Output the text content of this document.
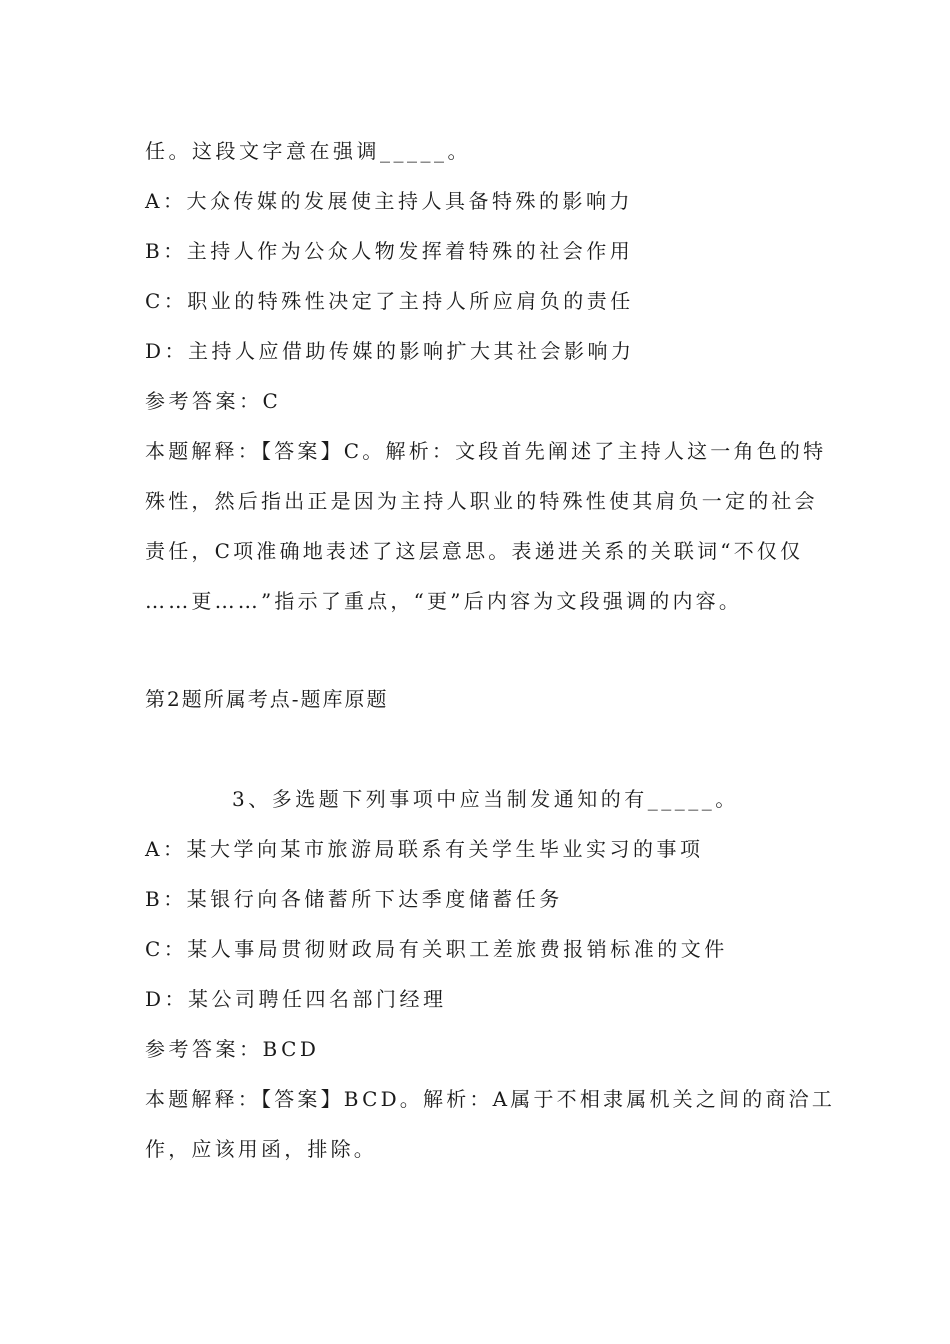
任。这段文字意在强调_____。
A：大众传媒的发展使主持人具备特殊的影响力
B：主持人作为公众人物发挥着特殊的社会作用
C：职业的特殊性决定了主持人所应肩负的责任
D：主持人应借助传媒的影响扩大其社会影响力
参考答案：C
本题解释：【答案】C。解析：文段首先阐述了主持人这一角色的特
殊性，然后指出正是因为主持人职业的特殊性使其肩负一定的社会
责任，C项准确地表述了这层意思。表递进关系的关联词“不仅仅
……更……”指示了重点，“更”后内容为文段强调的内容。
第2题所属考点-题库原题
3、多选题下列事项中应当制发通知的有_____。
A：某大学向某市旅游局联系有关学生毕业实习的事项
B：某银行向各储蓄所下达季度储蓄任务
C：某人事局贯彻财政局有关职工差旅费报销标准的文件
D：某公司聘任四名部门经理
参考答案：BCD
本题解释：【答案】BCD。解析：A属于不相隶属机关之间的商洽工
作，应该用函，排除。
